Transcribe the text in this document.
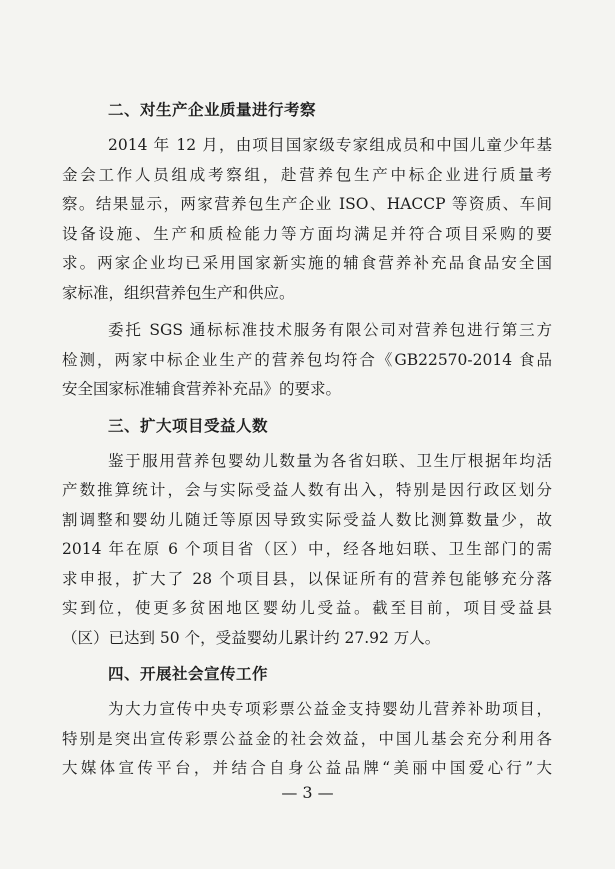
二、对生产企业质量进行考察

2014 年 12 月，由项目国家级专家组成员和中国儿童少年基
金会工作人员组成考察组，赴营养包生产中标企业进行质量考
察。结果显示，两家营养包生产企业 ISO、HACCP 等资质、车间
设备设施、生产和质检能力等方面均满足并符合项目采购的要
求。两家企业均已采用国家新实施的辅食营养补充品食品安全国
家标准，组织营养包生产和供应。

委托 SGS 通标标准技术服务有限公司对营养包进行第三方
检测，两家中标企业生产的营养包均符合《GB22570-2014 食品
安全国家标准辅食营养补充品》的要求。

三、扩大项目受益人数

鉴于服用营养包婴幼儿数量为各省妇联、卫生厅根据年均活
产数推算统计，会与实际受益人数有出入，特别是因行政区划分
割调整和婴幼儿随迁等原因导致实际受益人数比测算数量少，故
2014 年在原 6 个项目省（区）中，经各地妇联、卫生部门的需
求申报，扩大了 28 个项目县，以保证所有的营养包能够充分落
实到位，使更多贫困地区婴幼儿受益。截至目前，项目受益县
（区）已达到 50 个，受益婴幼儿累计约 27.92 万人。

四、开展社会宣传工作

为大力宣传中央专项彩票公益金支持婴幼儿营养补助项目，
特别是突出宣传彩票公益金的社会效益，中国儿基会充分利用各
大媒体宣传平台，并结合自身公益品牌“美丽中国爱心行”大

— 3 —
